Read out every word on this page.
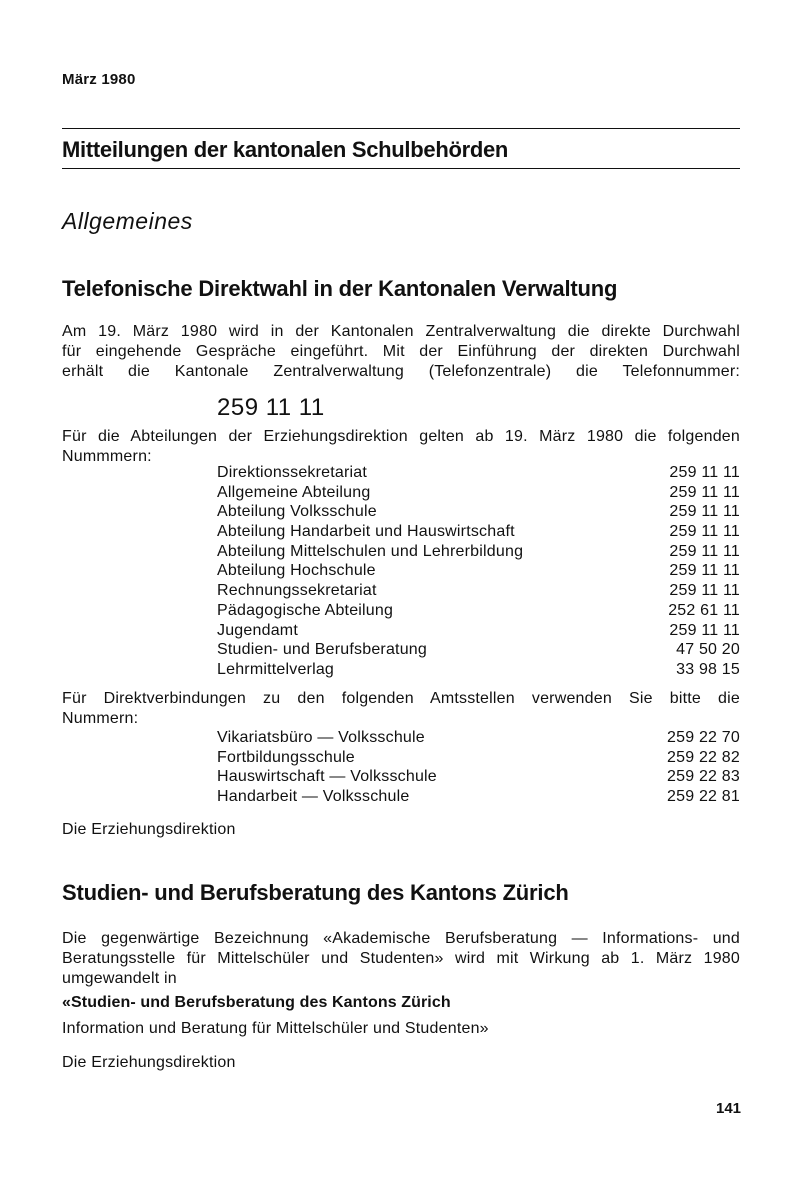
März 1980
Mitteilungen der kantonalen Schulbehörden
Allgemeines
Telefonische Direktwahl in der Kantonalen Verwaltung
Am 19. März 1980 wird in der Kantonalen Zentralverwaltung die direkte Durchwahl
für eingehende Gespräche eingeführt. Mit der Einführung der direkten Durchwahl
erhält die Kantonale Zentralverwaltung (Telefonzentrale) die Telefonnummer:
259 11 11
Für die Abteilungen der Erziehungsdirektion gelten ab 19. März 1980 die folgenden
Nummmern:
Direktionssekretariat	259 11 11
Allgemeine Abteilung	259 11 11
Abteilung Volksschule	259 11 11
Abteilung Handarbeit und Hauswirtschaft	259 11 11
Abteilung Mittelschulen und Lehrerbildung	259 11 11
Abteilung Hochschule	259 11 11
Rechnungssekretariat	259 11 11
Pädagogische Abteilung	252 61 11
Jugendamt	259 11 11
Studien- und Berufsberatung	47 50 20
Lehrmittelverlag	33 98 15
Für Direktverbindungen zu den folgenden Amtsstellen verwenden Sie bitte die
Nummern:
Vikariatsbüro — Volksschule	259 22 70
Fortbildungsschule	259 22 82
Hauswirtschaft — Volksschule	259 22 83
Handarbeit — Volksschule	259 22 81
Die Erziehungsdirektion
Studien- und Berufsberatung des Kantons Zürich
Die gegenwärtige Bezeichnung «Akademische Berufsberatung — Informations- und
Beratungsstelle für Mittelschüler und Studenten» wird mit Wirkung ab 1. März 1980
umgewandelt in
«Studien- und Berufsberatung des Kantons Zürich
Information und Beratung für Mittelschüler und Studenten»
Die Erziehungsdirektion
141
